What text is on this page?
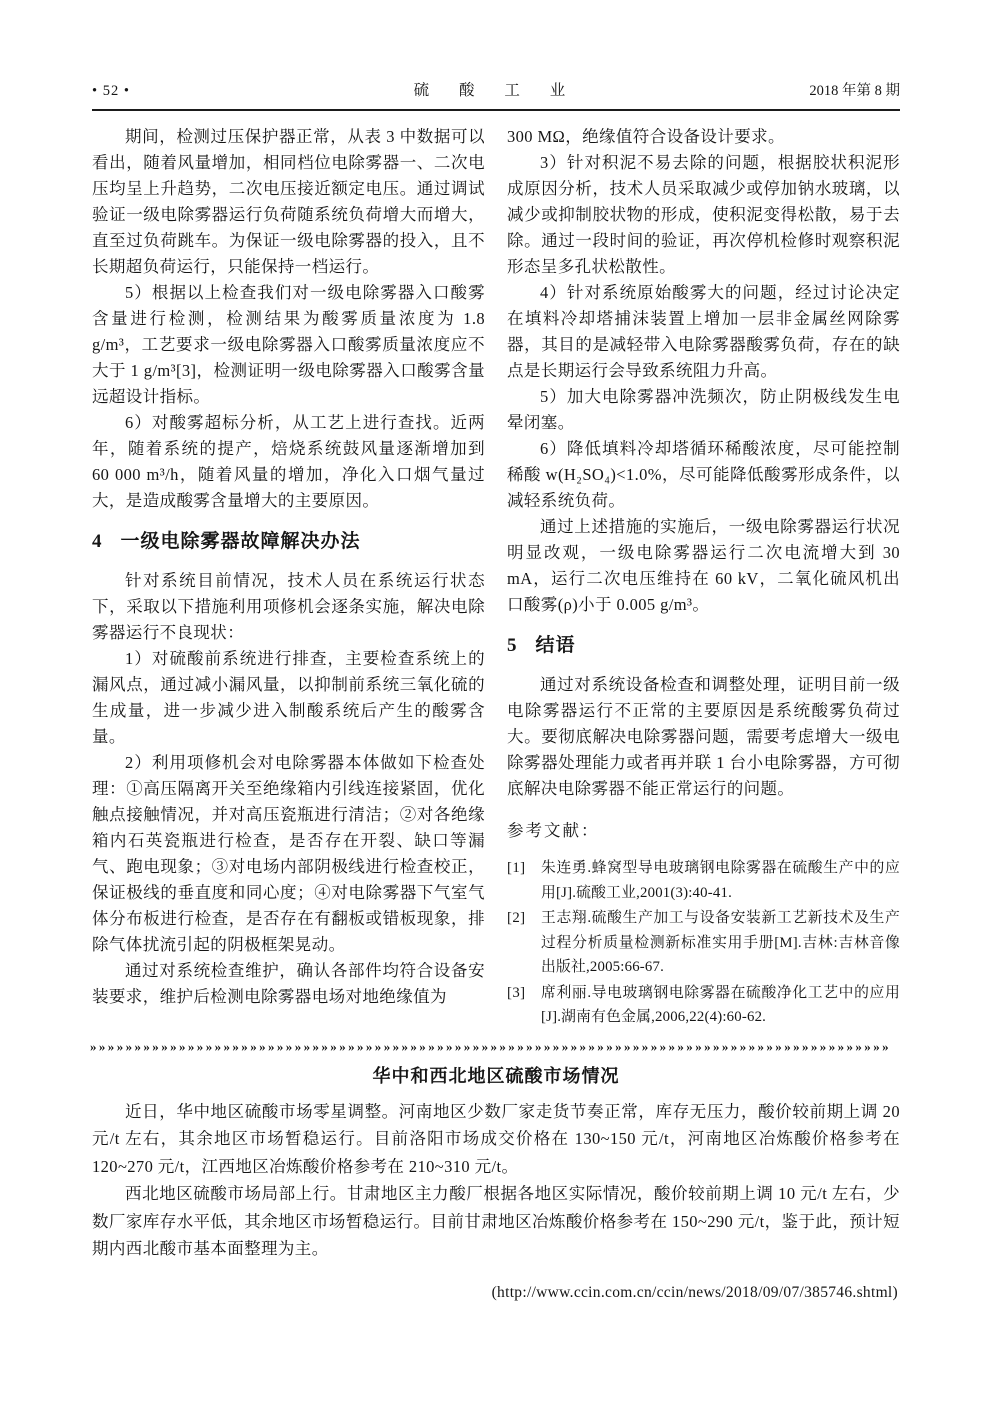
• 52 •	硫 酸 工 业	2018 年第 8 期

期间，检测过压保护器正常，从表 3 中数据可以看出，随着风量增加，相同档位电除雾器一、二次电压均呈上升趋势，二次电压接近额定电压。通过调试验证一级电除雾器运行负荷随系统负荷增大而增大，直至过负荷跳车。为保证一级电除雾器的投入，且不长期超负荷运行，只能保持一档运行。

5）根据以上检查我们对一级电除雾器入口酸雾含量进行检测，检测结果为酸雾质量浓度为 1.8 g/m³，工艺要求一级电除雾器入口酸雾质量浓度应不大于 1 g/m³[3]，检测证明一级电除雾器入口酸雾含量远超设计指标。

6）对酸雾超标分析，从工艺上进行查找。近两年，随着系统的提产，焙烧系统鼓风量逐渐增加到 60 000 m³/h，随着风量的增加，净化入口烟气量过大，是造成酸雾含量增大的主要原因。

4 一级电除雾器故障解决办法

针对系统目前情况，技术人员在系统运行状态下，采取以下措施利用项修机会逐条实施，解决电除雾器运行不良现状：

1）对硫酸前系统进行排查，主要检查系统上的漏风点，通过减小漏风量，以抑制前系统三氧化硫的生成量，进一步减少进入制酸系统后产生的酸雾含量。

2）利用项修机会对电除雾器本体做如下检查处理：①高压隔离开关至绝缘箱内引线连接紧固，优化触点接触情况，并对高压瓷瓶进行清洁；②对各绝缘箱内石英瓷瓶进行检查，是否存在开裂、缺口等漏气、跑电现象；③对电场内部阴极线进行检查校正，保证极线的垂直度和同心度；④对电除雾器下气室气体分布板进行检查，是否存在有翻板或错板现象，排除气体扰流引起的阴极框架晃动。

通过对系统检查维护，确认各部件均符合设备安装要求，维护后检测电除雾器电场对地绝缘值为

300 MΩ，绝缘值符合设备设计要求。

3）针对积泥不易去除的问题，根据胶状积泥形成原因分析，技术人员采取减少或停加钠水玻璃，以减少或抑制胶状物的形成，使积泥变得松散，易于去除。通过一段时间的验证，再次停机检修时观察积泥形态呈多孔状松散性。

4）针对系统原始酸雾大的问题，经过讨论决定在填料冷却塔捕沫装置上增加一层非金属丝网除雾器，其目的是减轻带入电除雾器酸雾负荷，存在的缺点是长期运行会导致系统阻力升高。

5）加大电除雾器冲洗频次，防止阴极线发生电晕闭塞。

6）降低填料冷却塔循环稀酸浓度，尽可能控制稀酸 w(H₂SO₄)<1.0%，尽可能降低酸雾形成条件，以减轻系统负荷。

通过上述措施的实施后，一级电除雾器运行状况明显改观，一级电除雾器运行二次电流增大到 30 mA，运行二次电压维持在 60 kV，二氧化硫风机出口酸雾(ρ)小于 0.005 g/m³。

5 结语

通过对系统设备检查和调整处理，证明目前一级电除雾器运行不正常的主要原因是系统酸雾负荷过大。要彻底解决电除雾器问题，需要考虑增大一级电除雾器处理能力或者再并联 1 台小电除雾器，方可彻底解决电除雾器不能正常运行的问题。

参考文献：

[1]	朱连勇.蜂窝型导电玻璃钢电除雾器在硫酸生产中的应用[J].硫酸工业,2001(3):40-41.
[2]	王志翔.硫酸生产加工与设备安装新工艺新技术及生产过程分析质量检测新标准实用手册[M].吉林:吉林音像出版社,2005:66-67.
[3]	席利丽.导电玻璃钢电除雾器在硫酸净化工艺中的应用[J].湖南有色金属,2006,22(4):60-62.
»»»»»»»»»»»»»»»»»»»»»»»»»»»»»»»»»»»»»»»»»»»»»»»»»»»»»»»»»»»»»»»»»»»»»»»»»»»»»»»»»»»»»»»»»»
华中和西北地区硫酸市场情况

近日，华中地区硫酸市场零星调整。河南地区少数厂家走货节奏正常，库存无压力，酸价较前期上调 20 元/t 左右，其余地区市场暂稳运行。目前洛阳市场成交价格在 130~150 元/t，河南地区冶炼酸价格参考在 120~270 元/t，江西地区冶炼酸价格参考在 210~310 元/t。

西北地区硫酸市场局部上行。甘肃地区主力酸厂根据各地区实际情况，酸价较前期上调 10 元/t 左右，少数厂家库存水平低，其余地区市场暂稳运行。目前甘肃地区冶炼酸价格参考在 150~290 元/t，鉴于此，预计短期内西北酸市基本面整理为主。

(http://www.ccin.com.cn/ccin/news/2018/09/07/385746.shtml)
